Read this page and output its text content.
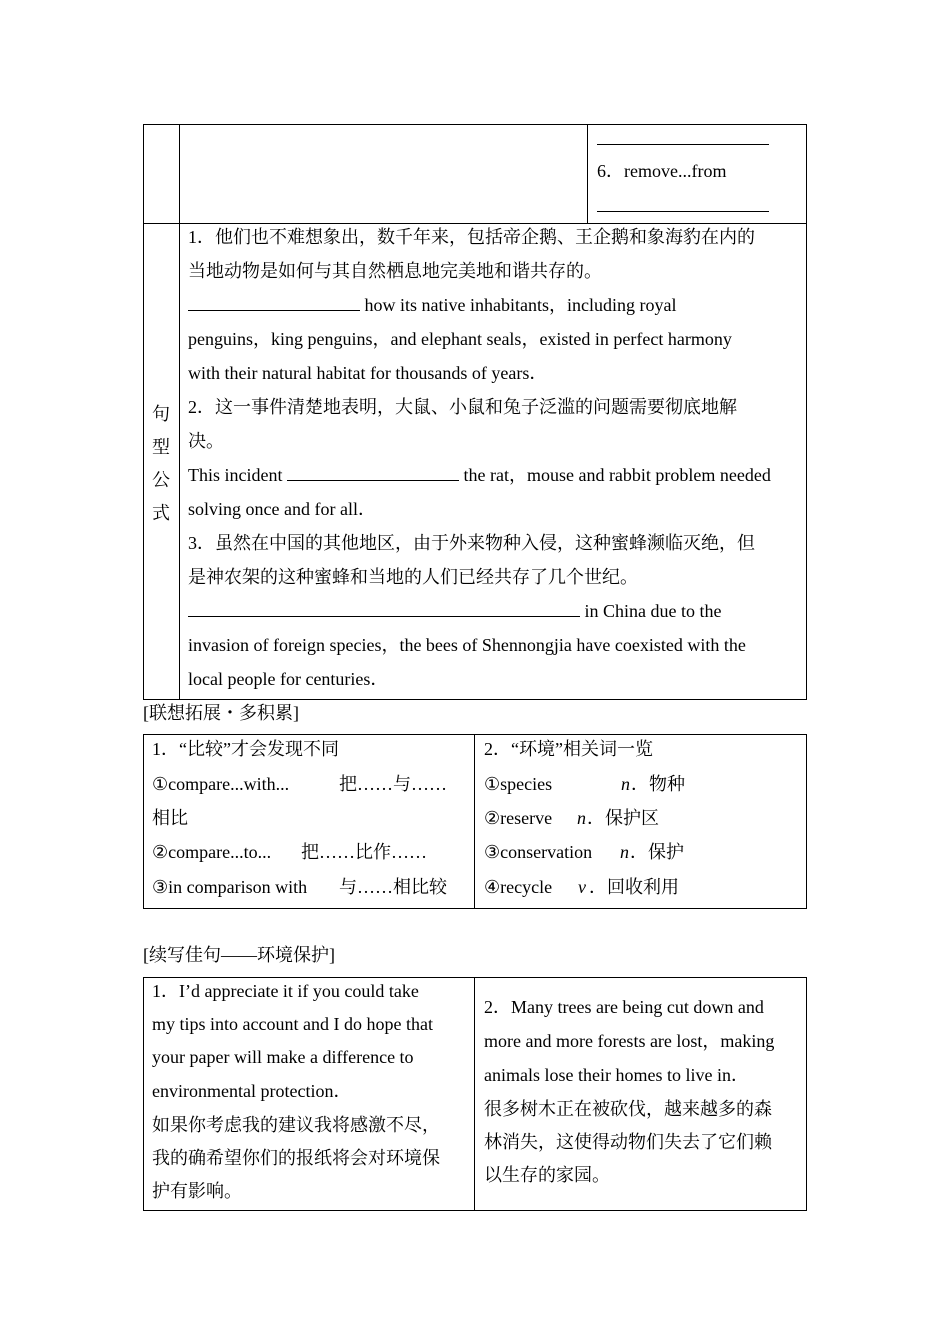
6．remove...from
句
型
公
式
1．他们也不难想象出，数千年来，包括帝企鹅、王企鹅和象海豹在内的
当地动物是如何与其自然栖息地完美地和谐共存的。
how its native inhabitants，including royal
penguins，king penguins，and elephant seals，existed in perfect harmony
with their natural habitat for thousands of years．
2．这一事件清楚地表明，大鼠、小鼠和兔子泛滥的问题需要彻底地解
决。
This incident	the rat，mouse and rabbit problem needed
solving once and for all．
3．虽然在中国的其他地区，由于外来物种入侵，这种蜜蜂濒临灭绝，但
是神农架的这种蜜蜂和当地的人们已经共存了几个世纪。
in China due to the
invasion of foreign species，the bees of Shennongjia have coexisted with the
local people for centuries．
[联想拓展・多积累]
1．“比较”才会发现不同
①compare...with...	把……与……
相比
②compare...to... 把……比作……
③in comparison with 与……相比较
2．“环境”相关词一览
①species	n ．物种
②reserve n ．保护区
③conservation n ．保护
④recycle v ．回收利用
[续写佳句——环境保护]
1．I’d appreciate it if you could take
my tips into account and I do hope that
your paper will make a difference to
environmental protection．
如果你考虑我的建议我将感激不尽，
我的确希望你们的报纸将会对环境保
护有影响。
2．Many trees are being cut down and
more and more forests are lost，making
animals lose their homes to live in．
很多树木正在被砍伐，越来越多的森
林消失，这使得动物们失去了它们赖
以生存的家园。
